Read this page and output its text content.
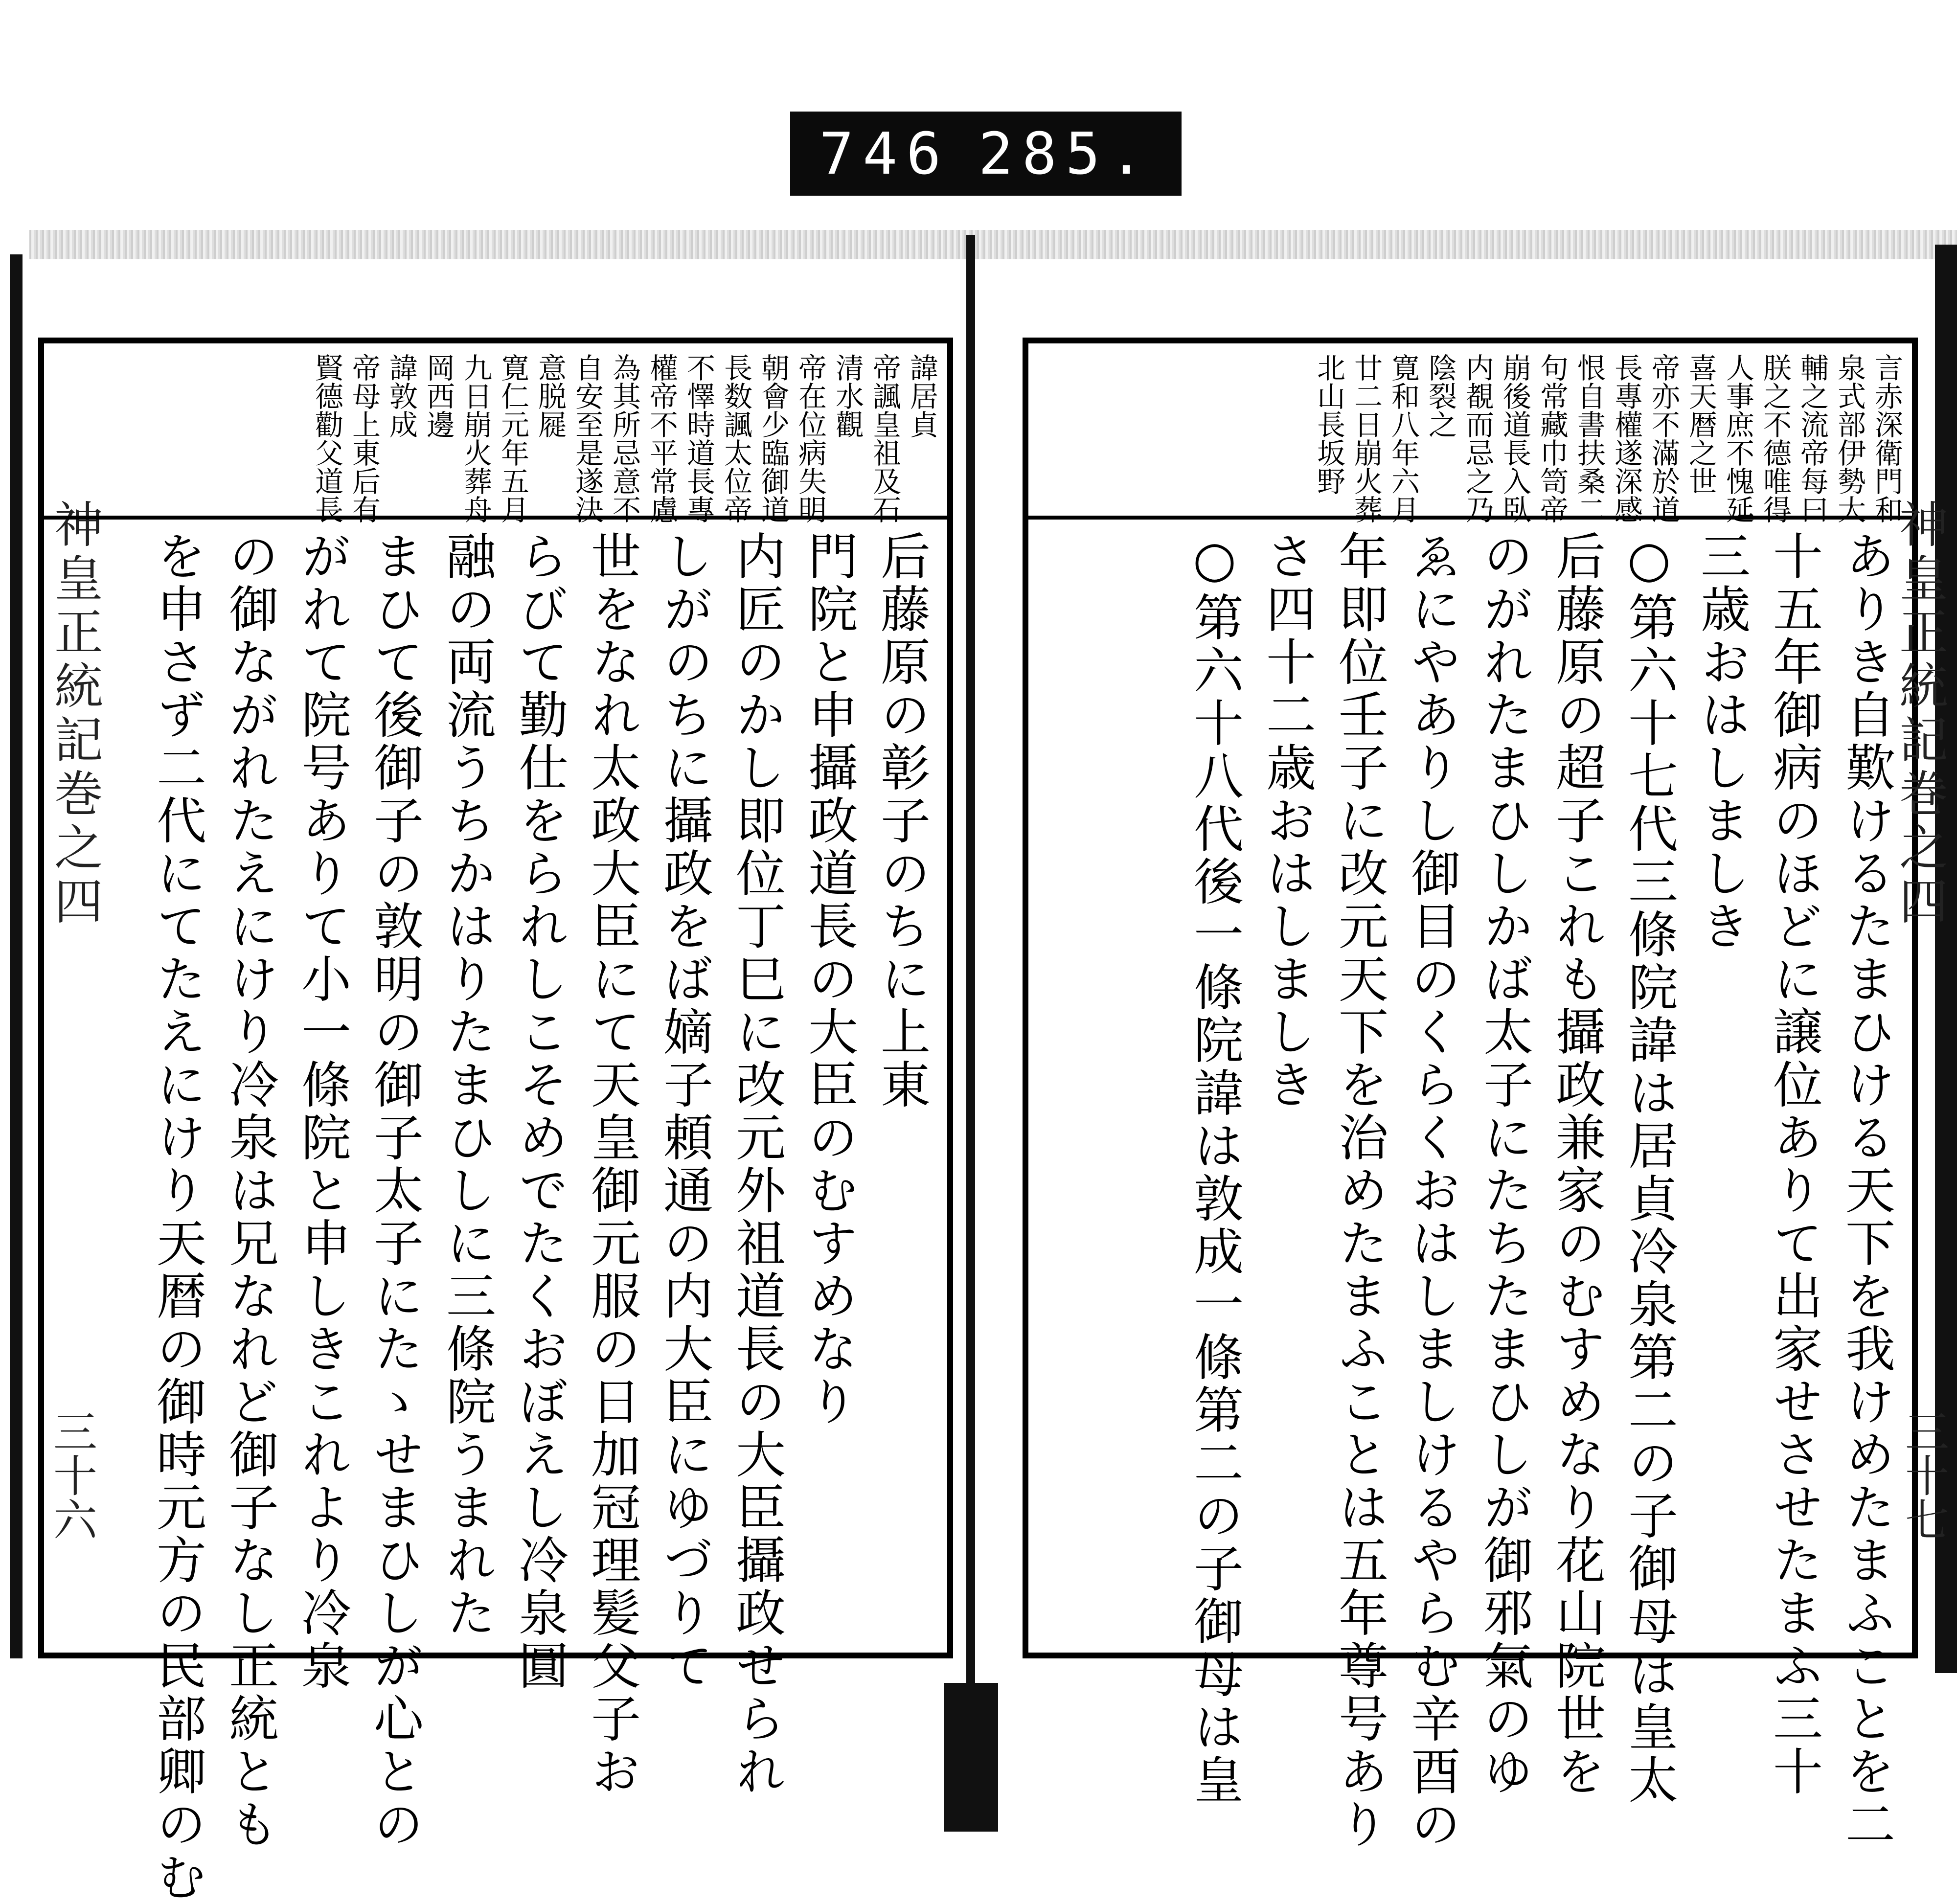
746 285.
神皇正統記巻之四
三十六
諱居貞
帝諷皇祖及石
清水觀
帝在位病失明
朝會少臨御道
長数諷太位帝
不懌時道長專
權帝不平常慮
為其所忌意不
自安至是遂決
意脱屣
寛仁元年五月
九日崩火葬舟
岡西邊
諱敦成
帝母上東后有
賢德勸父道長
后藤原の彰子のちに上東
門院と申攝政道長の大臣のむすめなり
内匠のかし即位丁巳に改元外祖道長の大臣攝政せられ
しがのちに攝政をば嫡子頼通の内大臣にゆづりて
世をなれ太政大臣にて天皇御元服の日加冠理髪父子お
らびて勤仕をられしこそめでたくおぼえし冷泉圓
融の両流うちかはりたまひしに三條院うまれた
まひて後御子の敦明の御子太子にたゝせまひしが心との
がれて院号ありて小一條院と申しきこれより冷泉
の御ながれたえにけり冷泉は兄なれど御子なし正統とも
を申さず二代にてたえにけり天暦の御時元方の民部卿のむ
言赤深衛門和
泉式部伊勢大
輔之流帝每曰
朕之不德唯得
人事庶不愧延
喜天暦之世
帝亦不滿於道
長專權遂深感
恨自書扶桑二
句常藏巾笥帝
崩後道長入臥
内覩而忌之乃
陰裂之
寛和八年六月
廿二日崩火葬
北山長坂野
ありき自歎けるたまひける天下を我けめたまふことを二
十五年御病のほどに譲位ありて出家せさせたまふ三十
三歳おはしましき
○第六十七代三條院諱は居貞冷泉第二の子御母は皇太
后藤原の超子これも攝政兼家のむすめなり花山院世を
のがれたまひしかば太子にたちたまひしが御邪氣のゆ
ゑにやありし御目のくらくおはしましけるやらむ辛酉の
年即位壬子に改元天下を治めたまふことは五年尊号あり
さ四十二歳おはしましき
○第六十八代後一條院諱は敦成一條第二の子御母は皇	神皇正統記巻之四
三十七
